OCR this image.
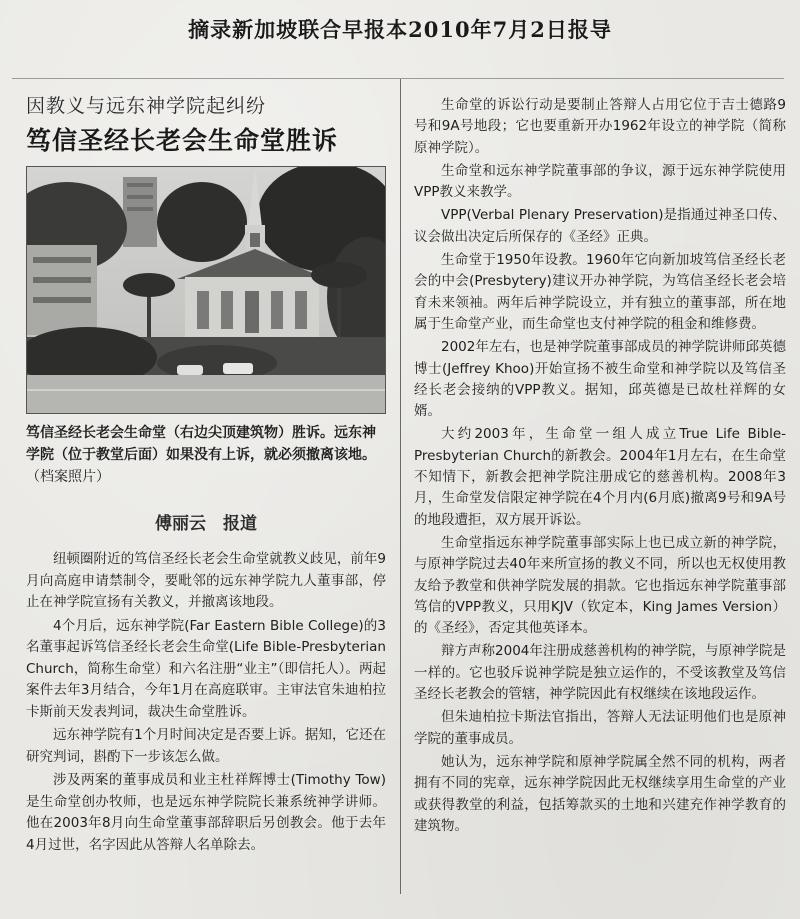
摘录新加坡联合早报本2010年7月2日报导
因教义与远东神学院起纠纷
笃信圣经长老会生命堂胜诉
笃信圣经长老会生命堂（右边尖顶建筑物）胜诉。远东神学院（位于教堂后面）如果没有上诉，就必须撤离该地。（档案照片）
傅丽云　报道

纽顿圈附近的笃信圣经长老会生命堂就教义歧见，前年9月向高庭申请禁制令，要毗邻的远东神学院九人董事部，停止在神学院宣扬有关教义，并撤离该地段。

4个月后，远东神学院(Far Eastern Bible College)的3名董事起诉笃信圣经长老会生命堂(Life Bible-Presbyterian Church，简称生命堂）和六名注册“业主”（即信托人）。两起案件去年3月结合，今年1月在高庭联审。主审法官朱迪柏拉卡斯前天发表判词，裁决生命堂胜诉。

远东神学院有1个月时间决定是否要上诉。据知，它还在研究判词，斟酌下一步该怎么做。

涉及两案的董事成员和业主杜祥辉博士(Timothy Tow)是生命堂创办牧师，也是远东神学院院长兼系统神学讲师。他在2003年8月向生命堂董事部辞职后另创教会。他于去年4月过世，名字因此从答辩人名单除去。

生命堂的诉讼行动是要制止答辩人占用它位于吉士德路9号和9A号地段；它也要重新开办1962年设立的神学院（简称原神学院）。

生命堂和远东神学院董事部的争议，源于远东神学院使用VPP教义来教学。

VPP(Verbal Plenary Preservation)是指通过神圣口传、议会做出决定后所保存的《圣经》正典。

生命堂于1950年设教。1960年它向新加坡笃信圣经长老会的中会(Presbytery)建议开办神学院，为笃信圣经长老会培育未来领袖。两年后神学院设立，并有独立的董事部，所在地属于生命堂产业，而生命堂也支付神学院的租金和维修费。

2002年左右，也是神学院董事部成员的神学院讲师邱英德博士(Jeffrey Khoo)开始宣扬不被生命堂和神学院以及笃信圣经长老会接纳的VPP教义。据知，邱英德是已故杜祥辉的女婿。

大约2003年，生命堂一组人成立True Life Bible-Presbyterian Church的新教会。2004年1月左右，在生命堂不知情下，新教会把神学院注册成它的慈善机构。2008年3月，生命堂发信限定神学院在4个月内(6月底)撤离9号和9A号的地段遭拒，双方展开诉讼。

生命堂指远东神学院董事部实际上也已成立新的神学院，与原神学院过去40年来所宣扬的教义不同，所以也无权使用教友给予教堂和供神学院发展的捐款。它也指远东神学院董事部笃信的VPP教义，只用KJV（钦定本，King James Version）的《圣经》，否定其他英译本。

辩方声称2004年注册成慈善机构的神学院，与原神学院是一样的。它也驳斥说神学院是独立运作的，不受该教堂及笃信圣经长老教会的管辖，神学院因此有权继续在该地段运作。

但朱迪柏拉卡斯法官指出，答辩人无法证明他们也是原神学院的董事成员。

她认为，远东神学院和原神学院属全然不同的机构，两者拥有不同的宪章，远东神学院因此无权继续享用生命堂的产业或获得教堂的利益，包括筹款买的土地和兴建充作神学教育的建筑物。
